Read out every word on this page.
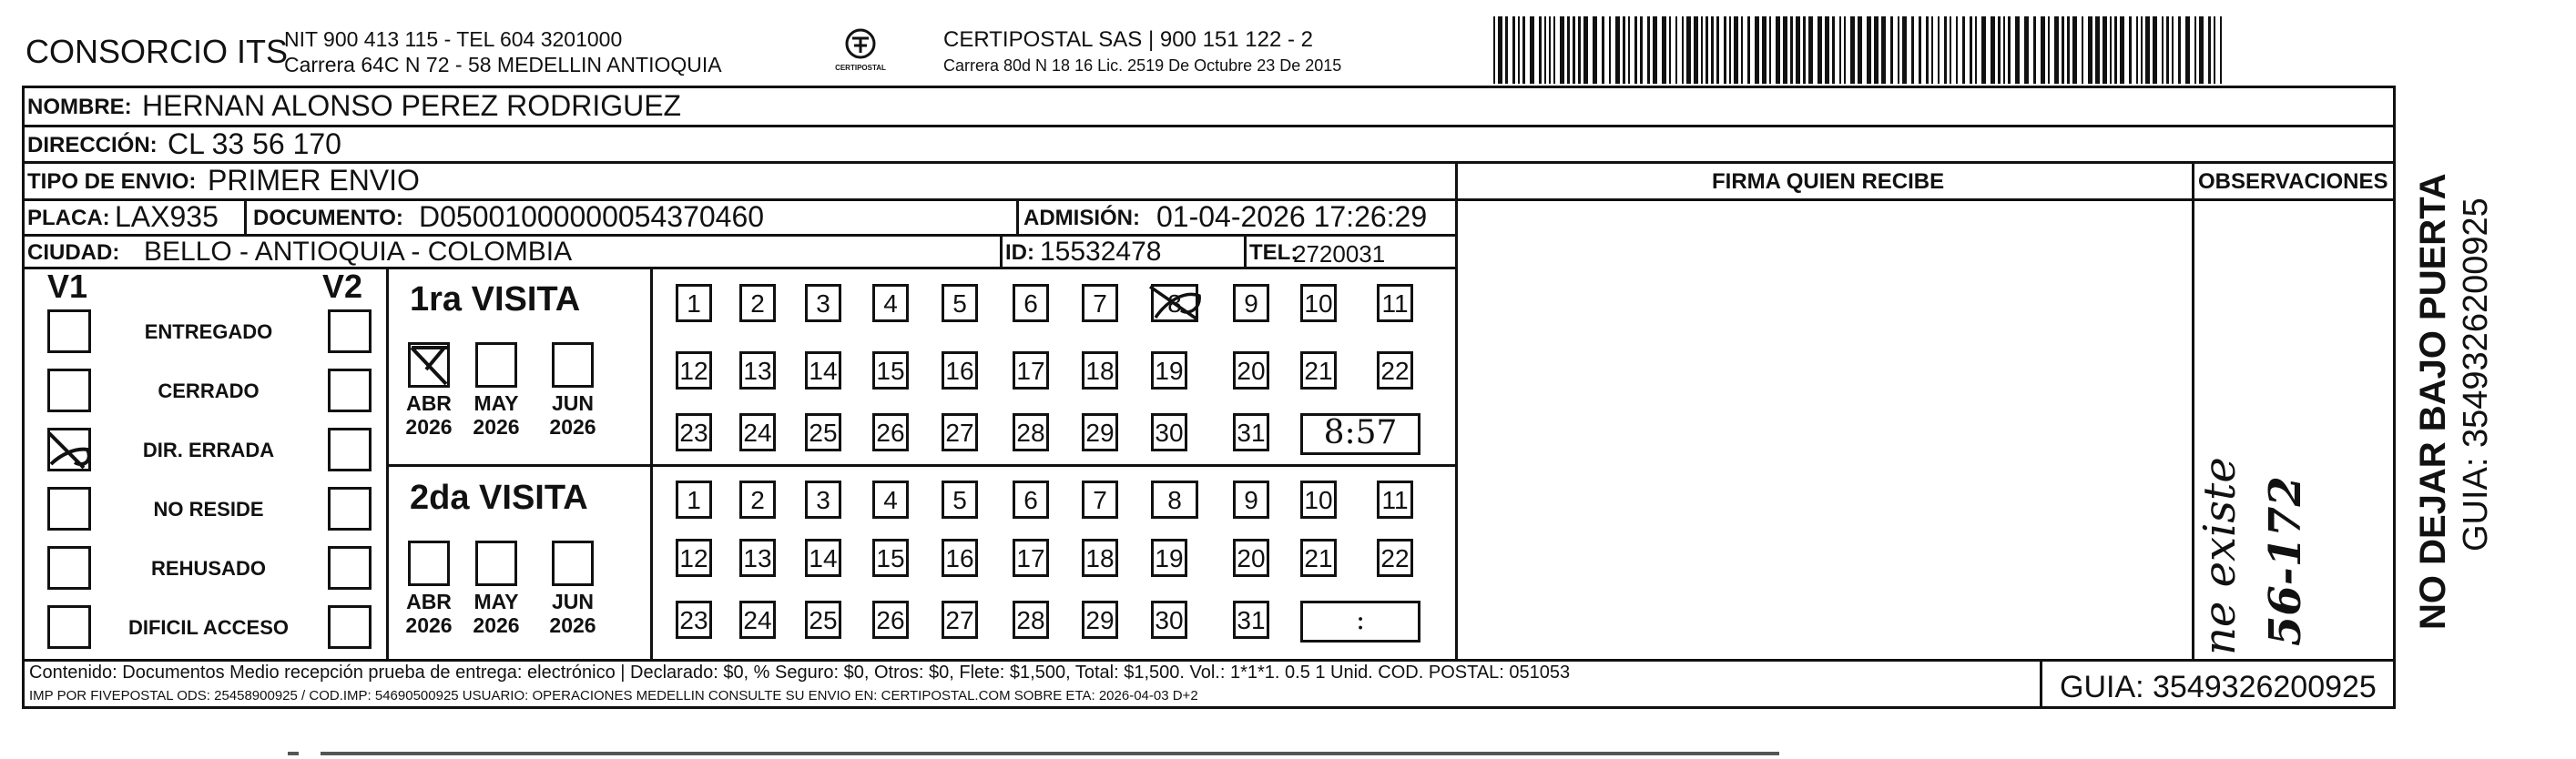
CONSORCIO ITS
NIT 900 413 115 - TEL 604 3201000
Carrera 64C N 72 - 58 MEDELLIN ANTIOQUIA	CERTIPOSTAL
CERTIPOSTAL SAS | 900 151 122 - 2
Carrera 80d N 18 16 Lic. 2519 De Octubre 23 De 2015
NOMBRE: HERNAN ALONSO PEREZ RODRIGUEZ
DIRECCIÓN: CL 33 56 170
TIPO DE ENVIO: PRIMER ENVIO	FIRMA QUIEN RECIBE	OBSERVACIONES
PLACA: LAX935 DOCUMENTO: D05001000000054370460	ADMISIÓN: 01-04-2026 17:26:29
CIUDAD: BELLO - ANTIOQUIA - COLOMBIA	ID: 15532478	TEL:
2720031
V1	V2
ENTREGADO
CERRADO
DIR. ERRADA
NO RESIDE
REHUSADO
DIFICIL ACCESO
1ra VISITA
ABR
2026
MAY
2026
JUN
2026
1	2	3	4	5	6	7	8	9	10 11
12 13 14 15 16 17 18 19 20 21 22
23 24 25 26 27 28 29 30 31	8:57
2da VISITA
ABR
2026
MAY
2026
JUN
2026
1	2	3	4	5	6	7	8	9	10 11
12 13 14 15 16 17 18 19 20 21 22
23 24 25 26 27 28 29 30 31	:	ne existe 56-172	NO DEJAR BAJO PUERTA GUIA: 3549326200925
Contenido: Documentos Medio recepción prueba de entrega: electrónico | Declarado: $0, % Seguro: $0, Otros: $0, Flete: $1,500, Total: $1,500. Vol.: 1*1*1. 0.5 1 Unid. COD. POSTAL: 051053
IMP POR FIVEPOSTAL ODS: 25458900925 / COD.IMP: 54690500925 USUARIO: OPERACIONES MEDELLIN CONSULTE SU ENVIO EN: CERTIPOSTAL.COM SOBRE ETA: 2026-04-03 D+2	GUIA: 3549326200925
